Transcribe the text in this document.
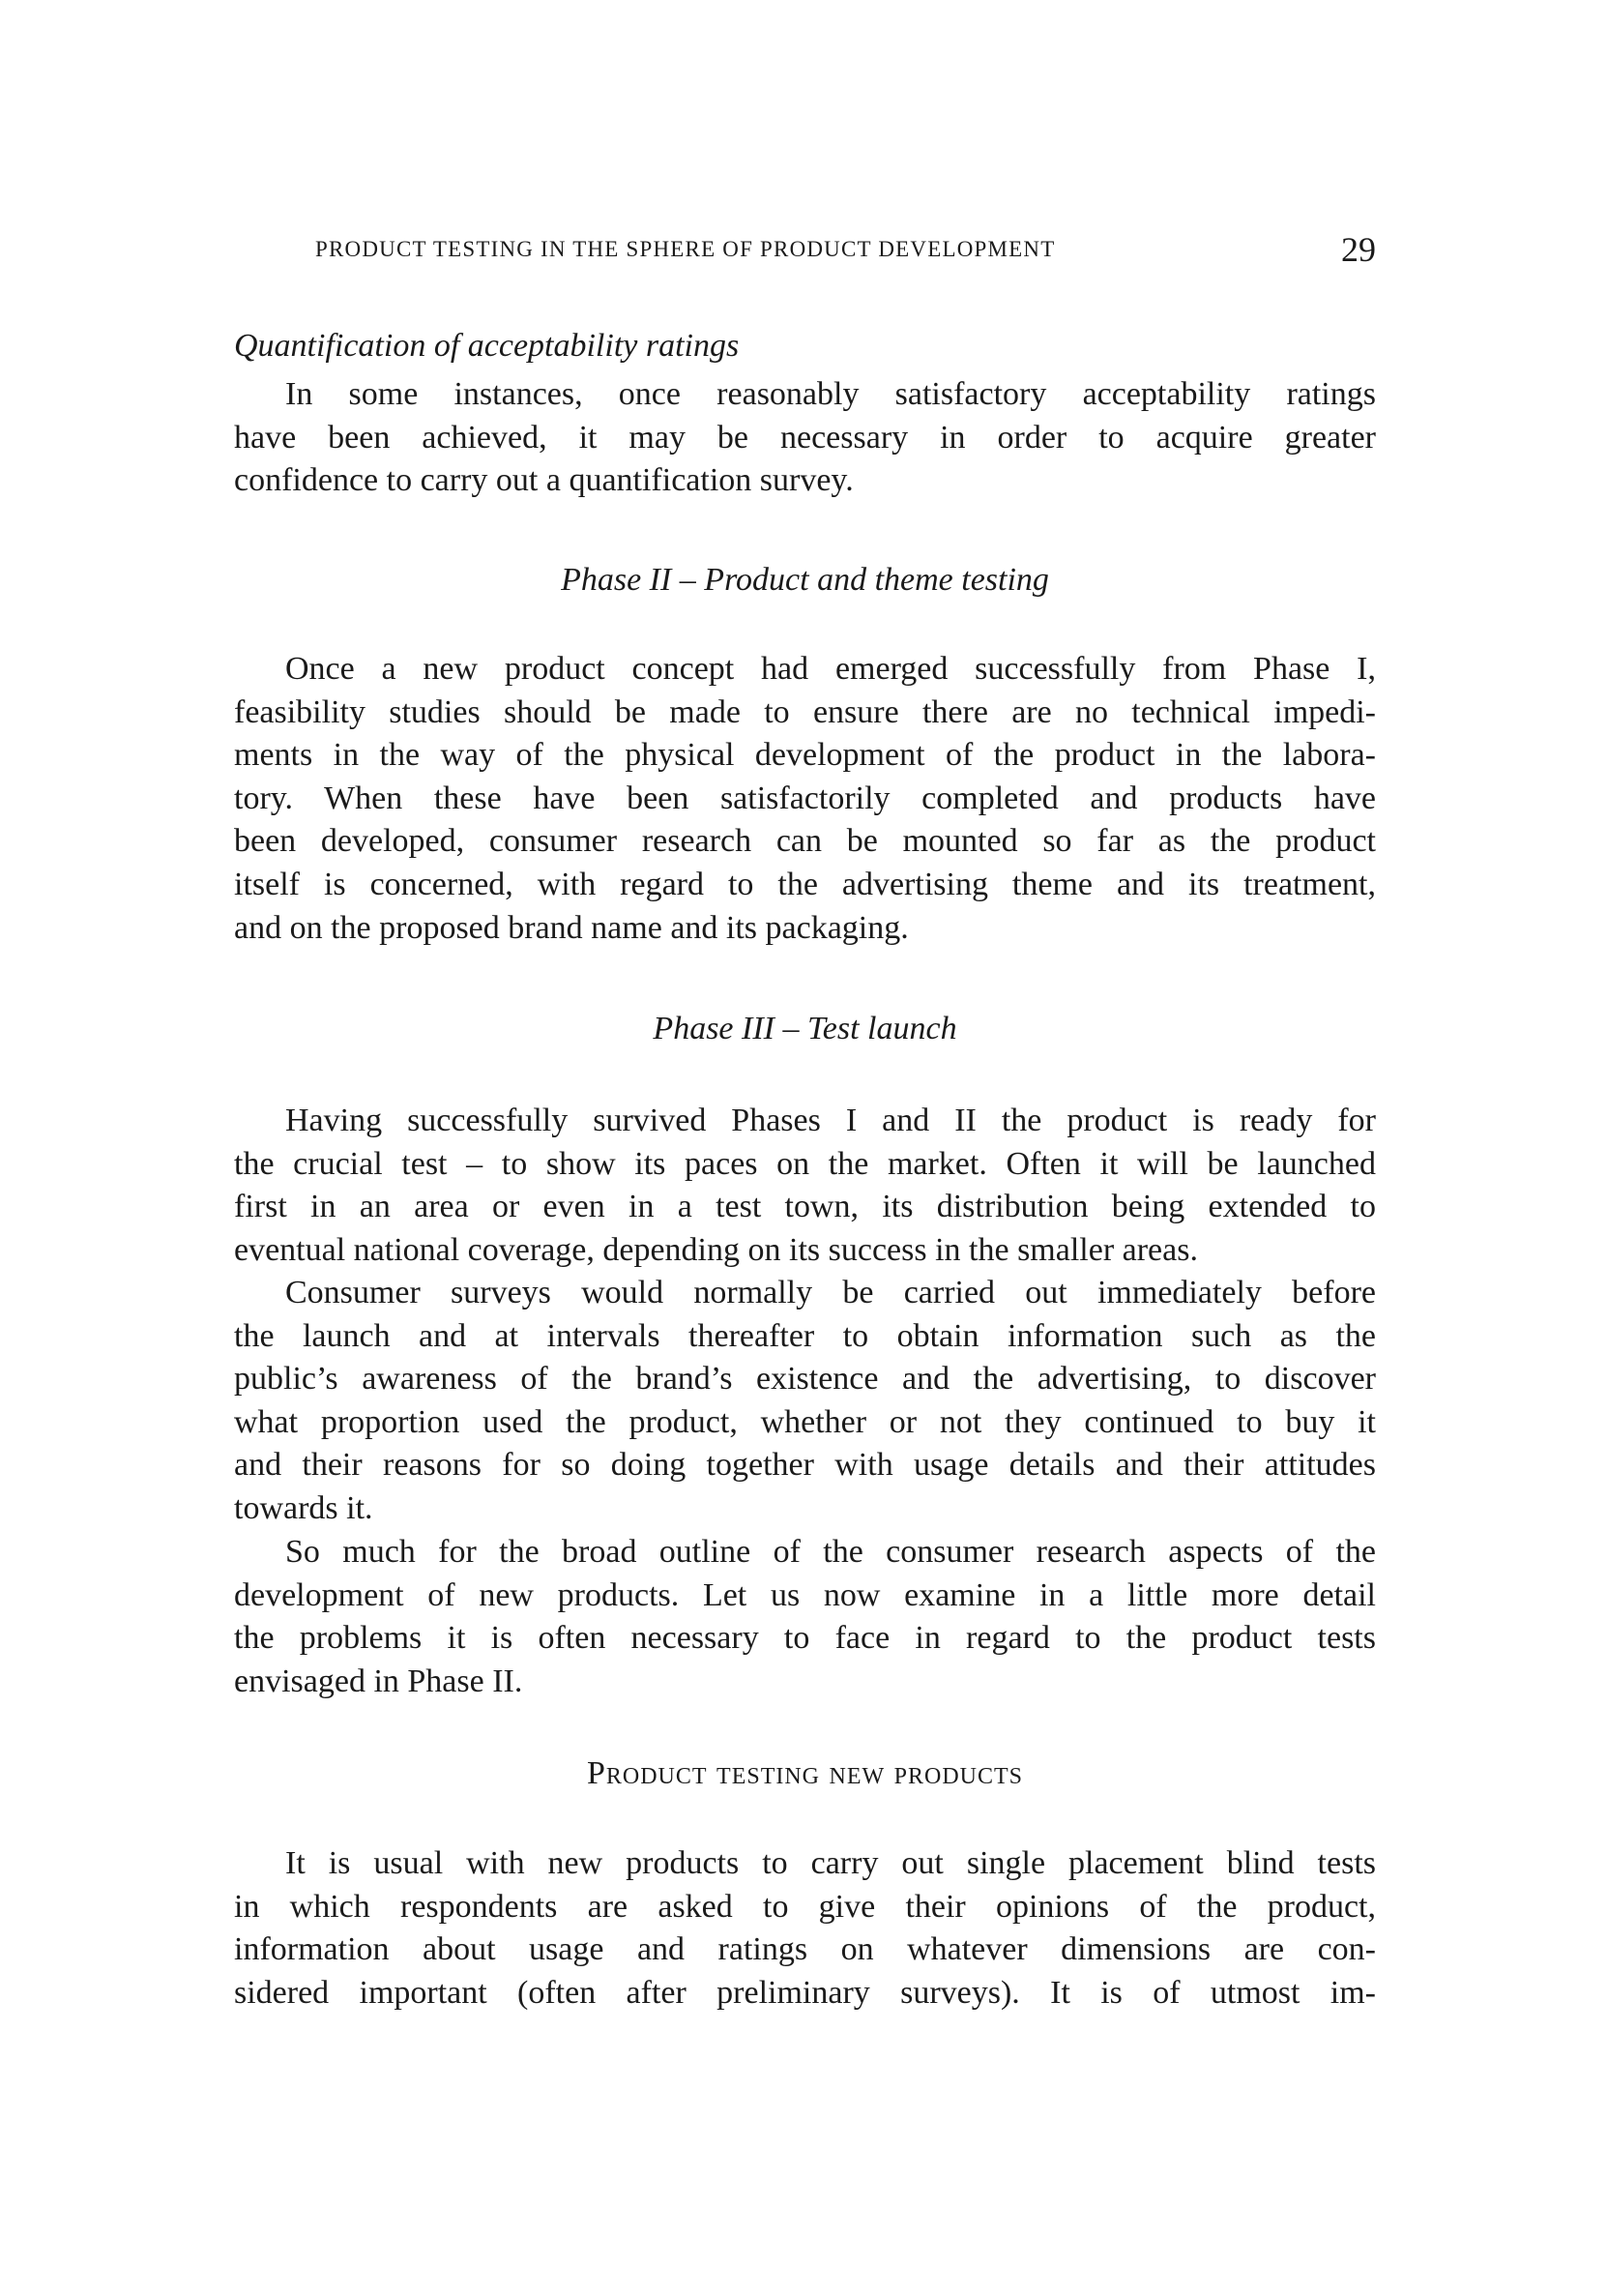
PRODUCT TESTING IN THE SPHERE OF PRODUCT DEVELOPMENT	29
Quantification of acceptability ratings
In some instances, once reasonably satisfactory acceptability ratings
have been achieved, it may be necessary in order to acquire greater
confidence to carry out a quantification survey.
Phase II – Product and theme testing
Once a new product concept had emerged successfully from Phase I,
feasibility studies should be made to ensure there are no technical impedi-
ments in the way of the physical development of the product in the labora-
tory. When these have been satisfactorily completed and products have
been developed, consumer research can be mounted so far as the product
itself is concerned, with regard to the advertising theme and its treatment,
and on the proposed brand name and its packaging.
Phase III – Test launch
Having successfully survived Phases I and II the product is ready for
the crucial test – to show its paces on the market. Often it will be launched
first in an area or even in a test town, its distribution being extended to
eventual national coverage, depending on its success in the smaller areas.
Consumer surveys would normally be carried out immediately before
the launch and at intervals thereafter to obtain information such as the
public’s awareness of the brand’s existence and the advertising, to discover
what proportion used the product, whether or not they continued to buy it
and their reasons for so doing together with usage details and their attitudes
towards it.
So much for the broad outline of the consumer research aspects of the
development of new products. Let us now examine in a little more detail
the problems it is often necessary to face in regard to the product tests
envisaged in Phase II.
Product testing new products
It is usual with new products to carry out single placement blind tests
in which respondents are asked to give their opinions of the product,
information about usage and ratings on whatever dimensions are con-
sidered important (often after preliminary surveys). It is of utmost im-
